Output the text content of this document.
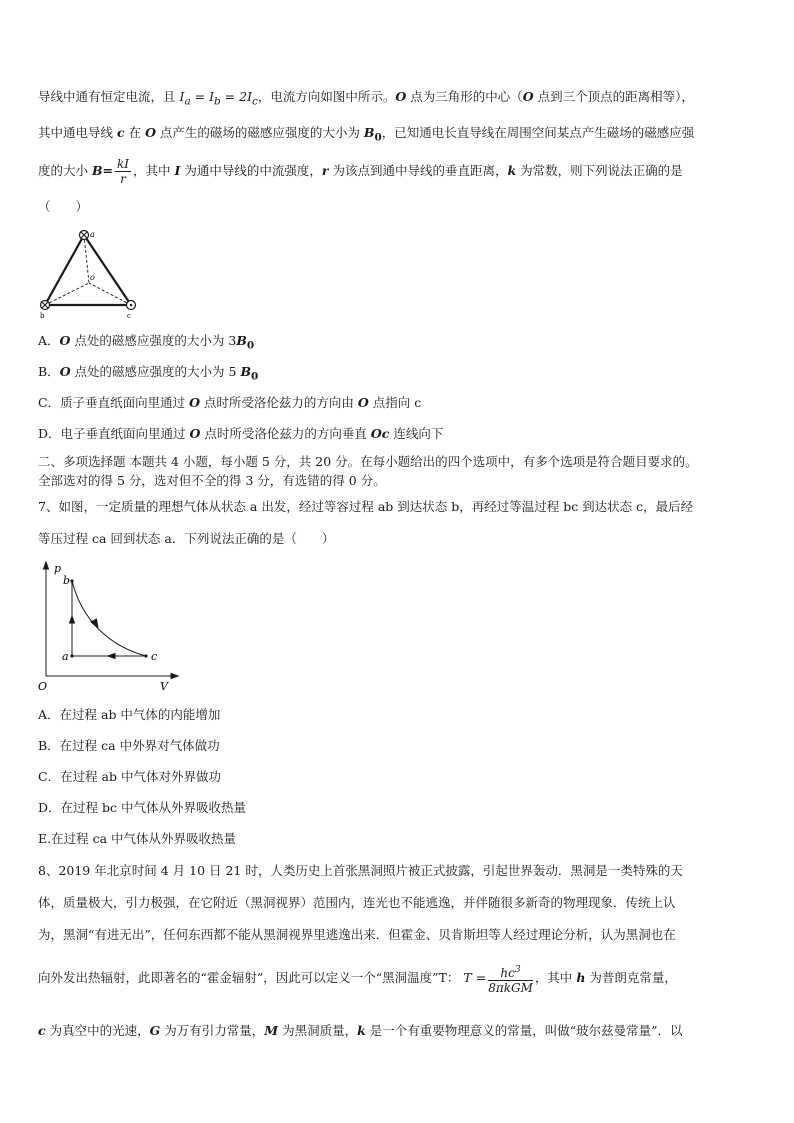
导线中通有恒定电流，且 $I_a = I_b = 2I_c$，电流方向如图中所示。O 点为三角形的中心（O 点到三个顶点的距离相等），
其中通电导线 c 在 O 点产生的磁场的磁感应强度的大小为 $B_0$，已知通电长直导线在周围空间某点产生磁场的磁感应强
度的大小 $B= \frac{kI}{r}$ ，其中 I 为通中导线的中流强度，r 为该点到通中导线的垂直距离，k 为常数，则下列说法正确的是
（　　）
a
o
b	c
A．O 点处的磁感应强度的大小为 $3B_0$
B．O 点处的磁感应强度的大小为 5 $B_0$
C．质子垂直纸面向里通过 O 点时所受洛伦兹力的方向由 O 点指向 c
D．电子垂直纸面向里通过 O 点时所受洛伦兹力的方向垂直 Oc 连线向下
二、多项选择题 本题共 4 小题，每小题 5 分，共 20 分。在每小题给出的四个选项中，有多个选项是符合题目要求的。
全部选对的得 5 分，选对但不全的得 3 分，有选错的得 0 分。
7、如图，一定质量的理想气体从状态 a 出发，经过等容过程 ab 到达状态 b，再经过等温过程 bc 到达状态 c，最后经
等压过程 ca 回到状态 a．下列说法正确的是（　　）
p
b
a	c
O	V
A．在过程 ab 中气体的内能增加
B．在过程 ca 中外界对气体做功
C．在过程 ab 中气体对外界做功
D．在过程 bc 中气体从外界吸收热量
E.在过程 ca 中气体从外界吸收热量
8、2019 年北京时间 4 月 10 日 21 时，人类历史上首张黑洞照片被正式披露，引起世界轰动．黑洞是一类特殊的天
体，质量极大，引力极强，在它附近（黑洞视界）范围内，连光也不能逃逸，并伴随很多新奇的物理现象．传统上认
为，黑洞“有进无出”，任何东西都不能从黑洞视界里逃逸出来．但霍金、贝肯斯坦等人经过理论分析，认为黑洞也在
向外发出热辐射，此即著名的“霍金辐射”，因此可以定义一个“黑洞温度”T： $T = \frac{hc^3}{\text{8πkGM}}$ ，其中 h 为普朗克常量，
c 为真空中的光速，G 为万有引力常量，M 为黑洞质量，k 是一个有重要物理意义的常量，叫做“玻尔兹曼常量”．以
